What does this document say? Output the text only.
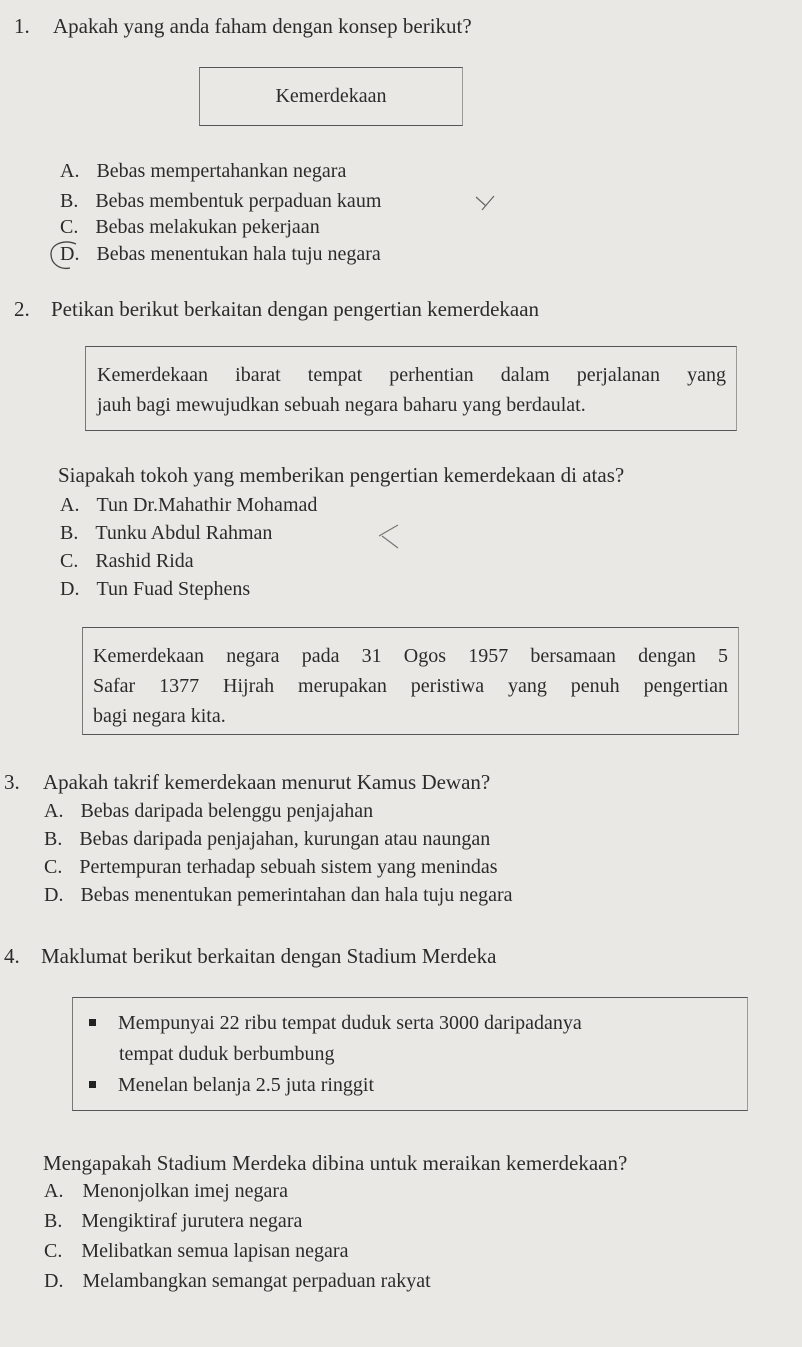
1. Apakah yang anda faham dengan konsep berikut?
Kemerdekaan
A. Bebas mempertahankan negara
B. Bebas membentuk perpaduan kaum
C. Bebas melakukan pekerjaan
D. Bebas menentukan hala tuju negara
2. Petikan berikut berkaitan dengan pengertian kemerdekaan
Kemerdekaan ibarat tempat perhentian dalam perjalanan yang
jauh bagi mewujudkan sebuah negara baharu yang berdaulat.
Siapakah tokoh yang memberikan pengertian kemerdekaan di atas?
A. Tun Dr.Mahathir Mohamad
B. Tunku Abdul Rahman
C. Rashid Rida
D. Tun Fuad Stephens
Kemerdekaan negara pada 31 Ogos 1957 bersamaan dengan 5
Safar 1377 Hijrah merupakan peristiwa yang penuh pengertian
bagi negara kita.
3. Apakah takrif kemerdekaan menurut Kamus Dewan?
A. Bebas daripada belenggu penjajahan
B. Bebas daripada penjajahan, kurungan atau naungan
C. Pertempuran terhadap sebuah sistem yang menindas
D. Bebas menentukan pemerintahan dan hala tuju negara
4. Maklumat berikut berkaitan dengan Stadium Merdeka
Mempunyai 22 ribu tempat duduk serta 3000 daripadanya
tempat duduk berbumbung
Menelan belanja 2.5 juta ringgit
Mengapakah Stadium Merdeka dibina untuk meraikan kemerdekaan?
A. Menonjolkan imej negara
B. Mengiktiraf jurutera negara
C. Melibatkan semua lapisan negara
D. Melambangkan semangat perpaduan rakyat
